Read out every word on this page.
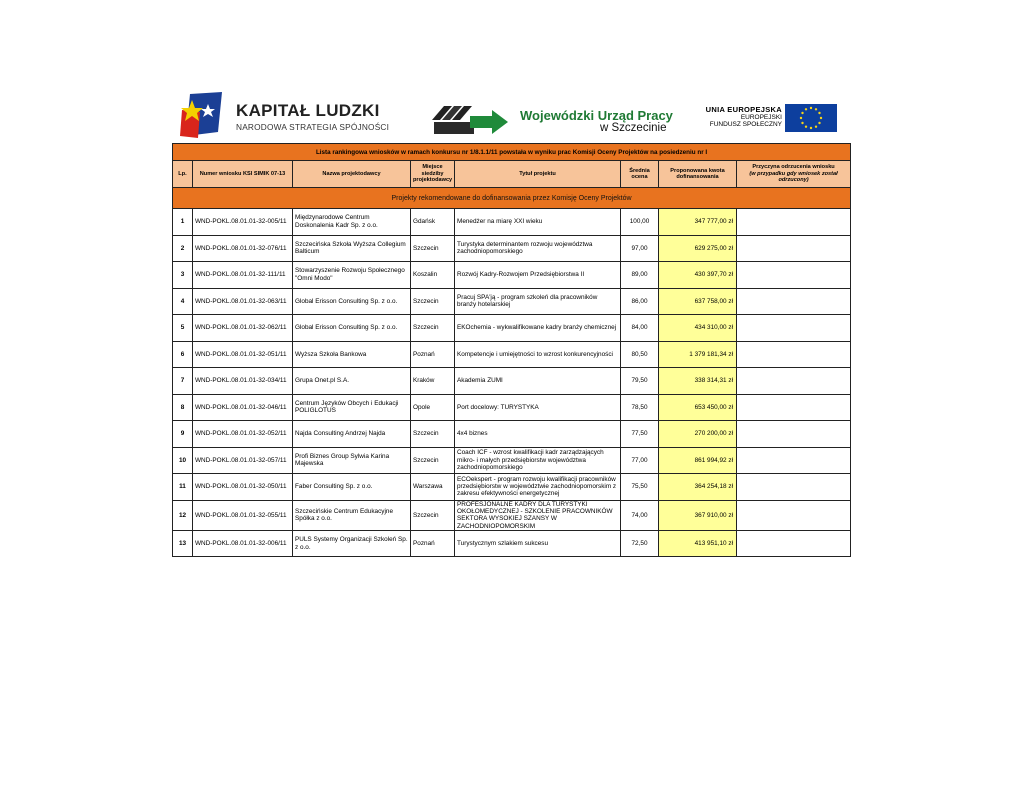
KAPITAŁ LUDZKI
NARODOWA STRATEGIA SPÓJNOŚCI
Wojewódzki Urząd Pracy
w Szczecinie
UNIA EUROPEJSKA
EUROPEJSKI
FUNDUSZ SPOŁECZNY
Lista rankingowa wniosków w ramach konkursu nr 1/8.1.1/11 powstała w wyniku prac Komisji Oceny Projektów na posiedzeniu nr I							
Lp.	Numer wniosku KSI SIMIK 07-13	Nazwa projektodawcy	Miejsce siedziby projektodawcy	Tytuł projektu	Średnia ocena	Proponowana kwota dofinansowania	Przyczyna odrzucenia wniosku
(w przypadku gdy wniosek został odrzucony)
Projekty rekomendowane do dofinansowania przez Komisję Oceny Projektów							
1	WND-POKL.08.01.01-32-005/11	Międzynarodowe Centrum Doskonalenia Kadr Sp. z o.o.	Gdańsk	Menedżer na miarę XXI wieku	100,00	347 777,00 zł	
2	WND-POKL.08.01.01-32-076/11	Szczecińska Szkoła Wyższa Collegium Balticum	Szczecin	Turystyka determinantem rozwoju województwa zachodniopomorskiego	97,00	629 275,00 zł	
3	WND-POKL.08.01.01-32-111/11	Stowarzyszenie Rozwoju Społecznego "Omni Modo"	Koszalin	Rozwój Kadry-Rozwojem Przedsiębiorstwa II	89,00	430 397,70 zł	
4	WND-POKL.08.01.01-32-063/11	Global Erisson Consulting Sp. z o.o.	Szczecin	Pracuj SPA'ją - program szkoleń dla pracowników branży hotelarskiej	86,00	637 758,00 zł	
5	WND-POKL.08.01.01-32-062/11	Global Erisson Consulting Sp. z o.o.	Szczecin	EKOchemia - wykwalifikowane kadry branży chemicznej	84,00	434 310,00 zł	
6	WND-POKL.08.01.01-32-051/11	Wyższa Szkoła Bankowa	Poznań	Kompetencje i umiejętności to wzrost konkurencyjności	80,50	1 379 181,34 zł	
7	WND-POKL.08.01.01-32-034/11	Grupa Onet.pl S.A.	Kraków	Akademia ZUMI	79,50	338 314,31 zł	
8	WND-POKL.08.01.01-32-046/11	Centrum Języków Obcych i Edukacji POLIGLOTUS	Opole	Port docelowy: TURYSTYKA	78,50	653 450,00 zł	
9	WND-POKL.08.01.01-32-052/11	Najda Consulting Andrzej Najda	Szczecin	4x4 biznes	77,50	270 200,00 zł	
10	WND-POKL.08.01.01-32-057/11	Profi Biznes Group Sylwia Karina Majewska	Szczecin	Coach ICF - wzrost kwalifikacji kadr zarządzających mikro- i małych przedsiębiorstw województwa zachodniopomorskiego	77,00	861 994,92 zł	
11	WND-POKL.08.01.01-32-050/11	Faber Consulting Sp. z o.o.	Warszawa	ECOekspert - program rozwoju kwalifikacji pracowników przedsiębiorstw w województwie zachodniopomorskim z zakresu efektywności energetycznej	75,50	364 254,18 zł	
12	WND-POKL.08.01.01-32-055/11	Szczecińskie Centrum Edukacyjne Spółka z o.o.	Szczecin	PROFESJONALNE KADRY DLA TURYSTYKI OKOŁOMEDYCZNEJ - SZKOLENIE PRACOWNIKÓW SEKTORA WYSOKIEJ SZANSY W ZACHODNIOPOMORSKIM	74,00	367 910,00 zł	
13	WND-POKL.08.01.01-32-006/11	PULS Systemy Organizacji Szkoleń Sp. z o.o.	Poznań	Turystycznym szlakiem sukcesu	72,50	413 951,10 zł	
